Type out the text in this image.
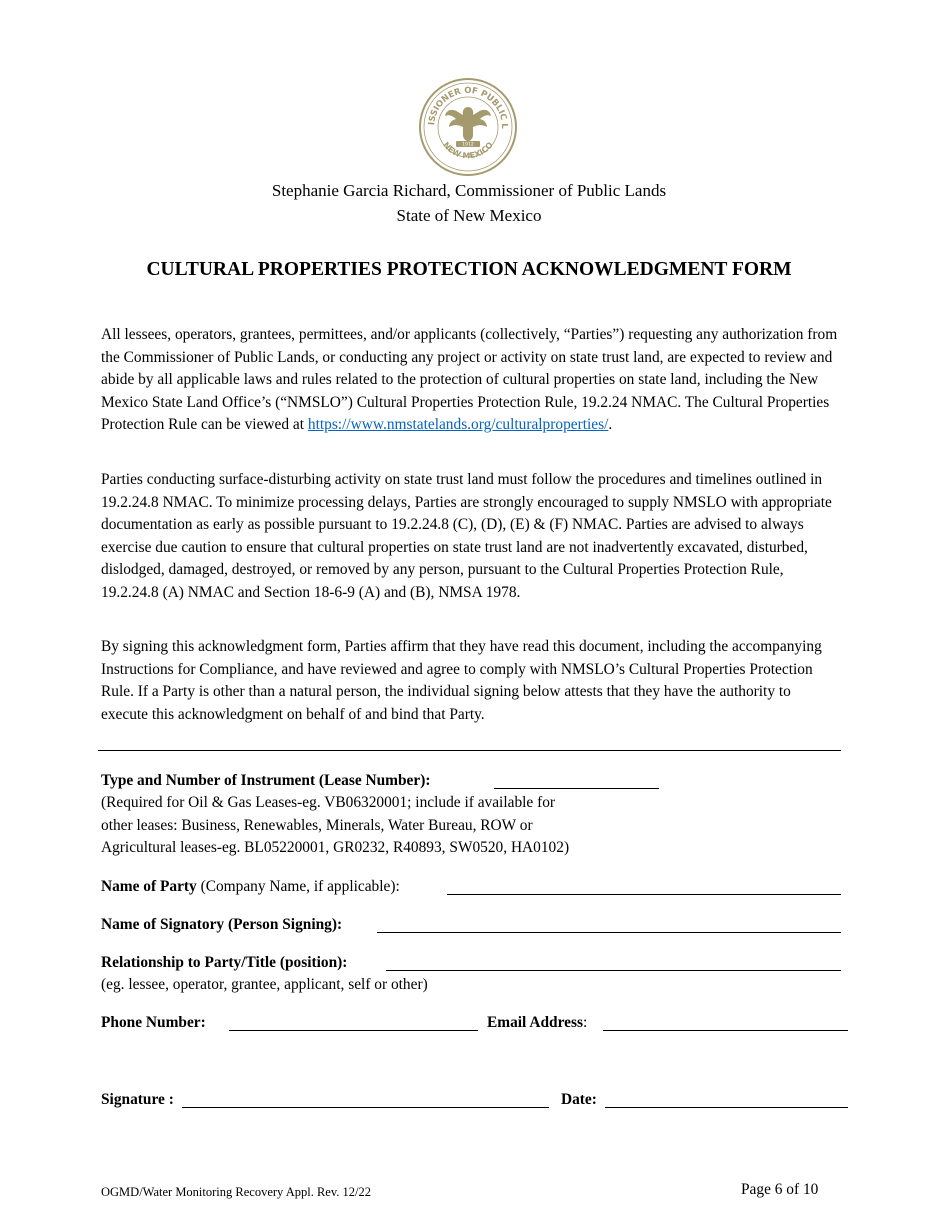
ISSIONER OF PUBLIC L
NEW MEXICO
1912
Stephanie Garcia Richard, Commissioner of Public Lands
State of New Mexico
CULTURAL PROPERTIES PROTECTION ACKNOWLEDGMENT FORM

All lessees, operators, grantees, permittees, and/or applicants (collectively, “Parties”) requesting any authorization from the Commissioner of Public Lands, or conducting any project or activity on state trust land, are expected to review and abide by all applicable laws and rules related to the protection of cultural properties on state land, including the New Mexico State Land Office’s (“NMSLO”) Cultural Properties Protection Rule, 19.2.24 NMAC. The Cultural Properties Protection Rule can be viewed at https://www.nmstatelands.org/culturalproperties/.

Parties conducting surface-disturbing activity on state trust land must follow the procedures and timelines outlined in 19.2.24.8 NMAC. To minimize processing delays, Parties are strongly encouraged to supply NMSLO with appropriate documentation as early as possible pursuant to 19.2.24.8 (C), (D), (E) & (F) NMAC. Parties are advised to always exercise due caution to ensure that cultural properties on state trust land are not inadvertently excavated, disturbed, dislodged, damaged, destroyed, or removed by any person, pursuant to the Cultural Properties Protection Rule, 19.2.24.8 (A) NMAC and Section 18-6-9 (A) and (B), NMSA 1978.

By signing this acknowledgment form, Parties affirm that they have read this document, including the accompanying Instructions for Compliance, and have reviewed and agree to comply with NMSLO’s Cultural Properties Protection Rule. If a Party is other than a natural person, the individual signing below attests that they have the authority to execute this acknowledgment on behalf of and bind that Party.

Type and Number of Instrument (Lease Number):
(Required for Oil & Gas Leases-eg. VB06320001; include if available for
other leases: Business, Renewables, Minerals, Water Bureau, ROW or
Agricultural leases-eg. BL05220001, GR0232, R40893, SW0520, HA0102)
Name of Party (Company Name, if applicable):
Name of Signatory (Person Signing):
Relationship to Party/Title (position):
(eg. lessee, operator, grantee, applicant, self or other)
Phone Number:	Email Address:
Signature :	Date:
OGMD/Water Monitoring Recovery Appl. Rev. 12/22	Page 6 of 10
